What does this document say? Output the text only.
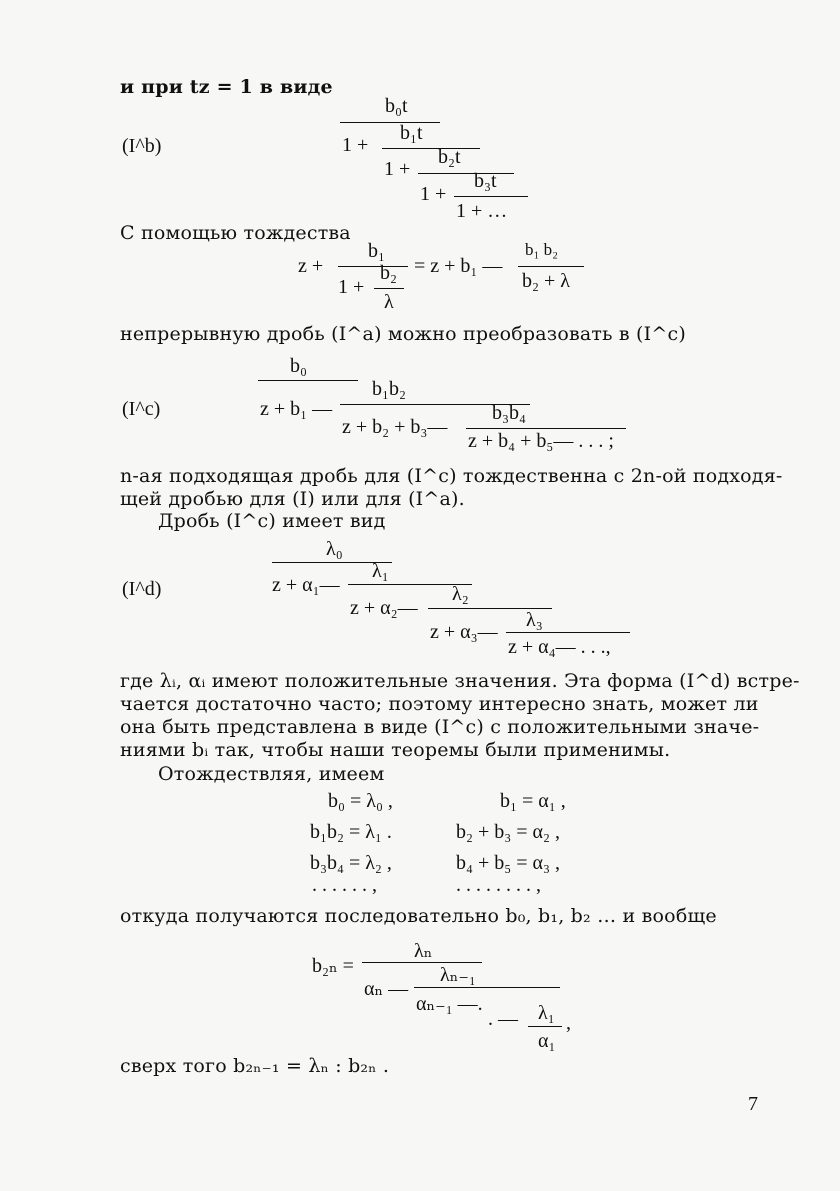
и при tz = 1 в виде
(I^b)
b₀t
1 +
b₁t
1 +
b₂t
1 +
b₃t
1 + …
С помощью тождества
z +
b₁
1 +
b₂
λ
= z + b₁ —
b₁ b₂
b₂ + λ
непрерывную дробь (I^a) можно преобразовать в (I^c)
(I^c)
b₀
z + b₁ —
b₁b₂
z + b₂ + b₃—
b₃b₄
z + b₄ + b₅— . . . ;
n-ая подходящая дробь для (I^c) тождественна с 2n-ой подходя-
щей дробью для (I) или для (I^a).
Дробь (I^c) имеет вид
(I^d)
λ₀
z + α₁—
λ₁
z + α₂—
λ₂
z + α₃—
λ₃
z + α₄— . . .,
где λᵢ, αᵢ имеют положительные значения. Эта форма (I^d) встре-
чается достаточно часто; поэтому интересно знать, может ли
она быть представлена в виде (I^c) с положительными значе-
ниями bᵢ так, чтобы наши теоремы были применимы.
Отождествляя, имеем
b₀ = λ₀ ,	b₁ = α₁ ,
b₁b₂ = λ₁ .	b₂ + b₃ = α₂ ,
b₃b₄ = λ₂ ,	b₄ + b₅ = α₃ ,
. . . . . . ,	. . . . . . . . ,
откуда получаются последовательно b₀, b₁, b₂ … и вообще
b₂ₙ =
λₙ
αₙ —
λₙ₋₁
αₙ₋₁ —.
. — λ₁
α₁
,
сверх того b₂ₙ₋₁ = λₙ : b₂ₙ .
7
